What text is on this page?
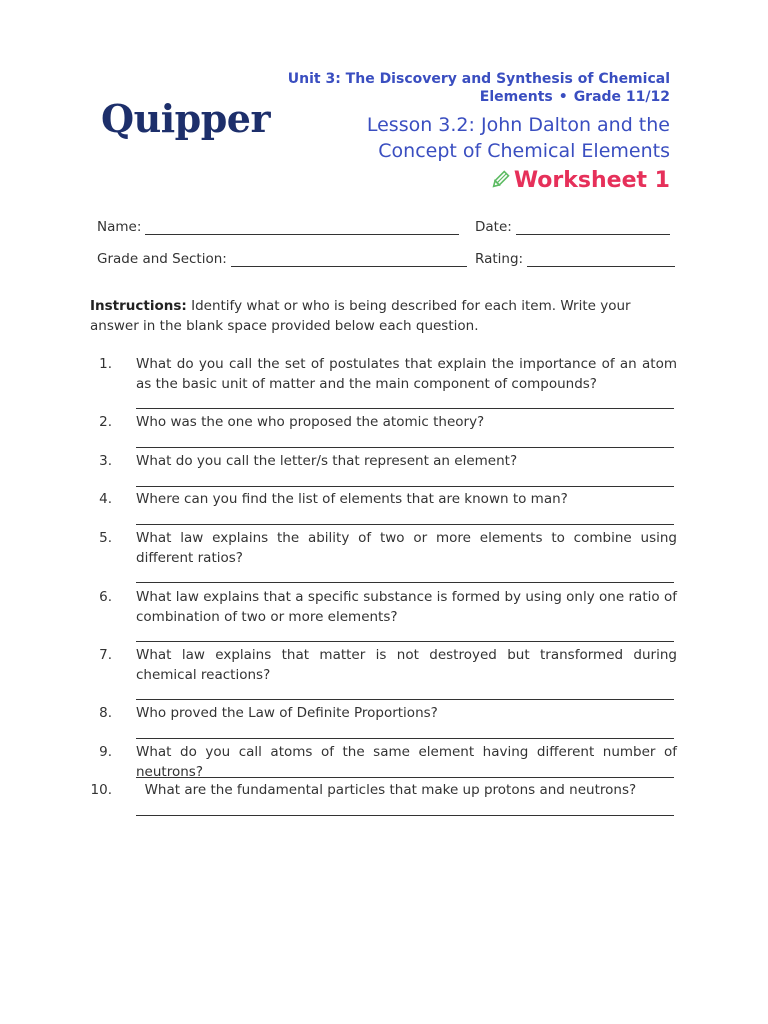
Quipper
Unit 3: The Discovery and Synthesis of Chemical
Elements • Grade 11/12
Lesson 3.2: John Dalton and the
Concept of Chemical Elements
Worksheet 1
Name:	Date:
Grade and Section:	Rating:
Instructions: Identify what or who is being described for each item. Write your answer in the blank space provided below each question.
1. What do you call the set of postulates that explain the importance of an atom as the basic unit of matter and the main component of compounds?
2. Who was the one who proposed the atomic theory?
3. What do you call the letter/s that represent an element?
4. Where can you find the list of elements that are known to man?
5. What law explains the ability of two or more elements to combine using different ratios?
6. What law explains that a specific substance is formed by using only one ratio of combination of two or more elements?
7. What law explains that matter is not destroyed but transformed during chemical reactions?
8. Who proved the Law of Definite Proportions?
9. What do you call atoms of the same element having different number of neutrons?
10. What are the fundamental particles that make up protons and neutrons?
